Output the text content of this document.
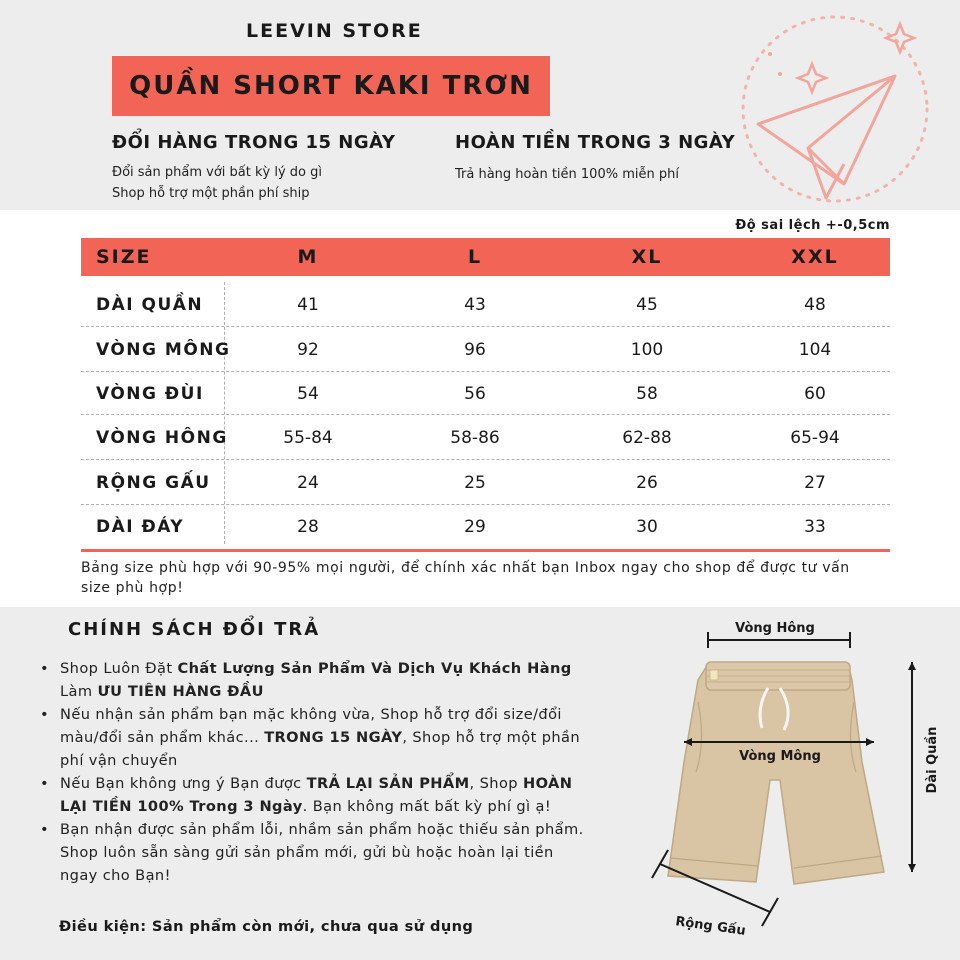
LEEVIN STORE
QUẦN SHORT KAKI TRƠN
ĐỔI HÀNG TRONG 15 NGÀY
Đổi sản phẩm với bất kỳ lý do gì
Shop hỗ trợ một phần phí ship
HOÀN TIỀN TRONG 3 NGÀY
Trả hàng hoàn tiền 100% miễn phí
Độ sai lệch +-0,5cm
SIZE	M	L	XL	XXL
DÀI QUẦN	41	43	45	48
VÒNG MÔNG	92	96	100	104
VÒNG ĐÙI	54	56	58	60
VÒNG HÔNG	55-84	58-86	62-88	65-94
RỘNG GẤU	24	25	26	27
DÀI ĐÁY	28	29	30	33
Bảng size phù hợp với 90-95% mọi người, để chính xác nhất bạn Inbox ngay cho shop để được tư vấn size phù hợp!
CHÍNH SÁCH ĐỔI TRẢ
• Shop Luôn Đặt Chất Lượng Sản Phẩm Và Dịch Vụ Khách Hàng Làm ƯU TIÊN HÀNG ĐẦU
• Nếu nhận sản phẩm bạn mặc không vừa, Shop hỗ trợ đổi size/đổi màu/đổi sản phẩm khác... TRONG 15 NGÀY, Shop hỗ trợ một phần phí vận chuyển
• Nếu Bạn không ưng ý Bạn được TRẢ LẠI SẢN PHẨM, Shop HOÀN LẠI TIỀN 100% Trong 3 Ngày. Bạn không mất bất kỳ phí gì ạ!
• Bạn nhận được sản phẩm lỗi, nhầm sản phẩm hoặc thiếu sản phẩm. Shop luôn sẵn sàng gửi sản phẩm mới, gửi bù hoặc hoàn lại tiền ngay cho Bạn!
Điều kiện: Sản phẩm còn mới, chưa qua sử dụng
Vòng Hông
Vòng Mông	Dài Quần
Rộng Gấu
